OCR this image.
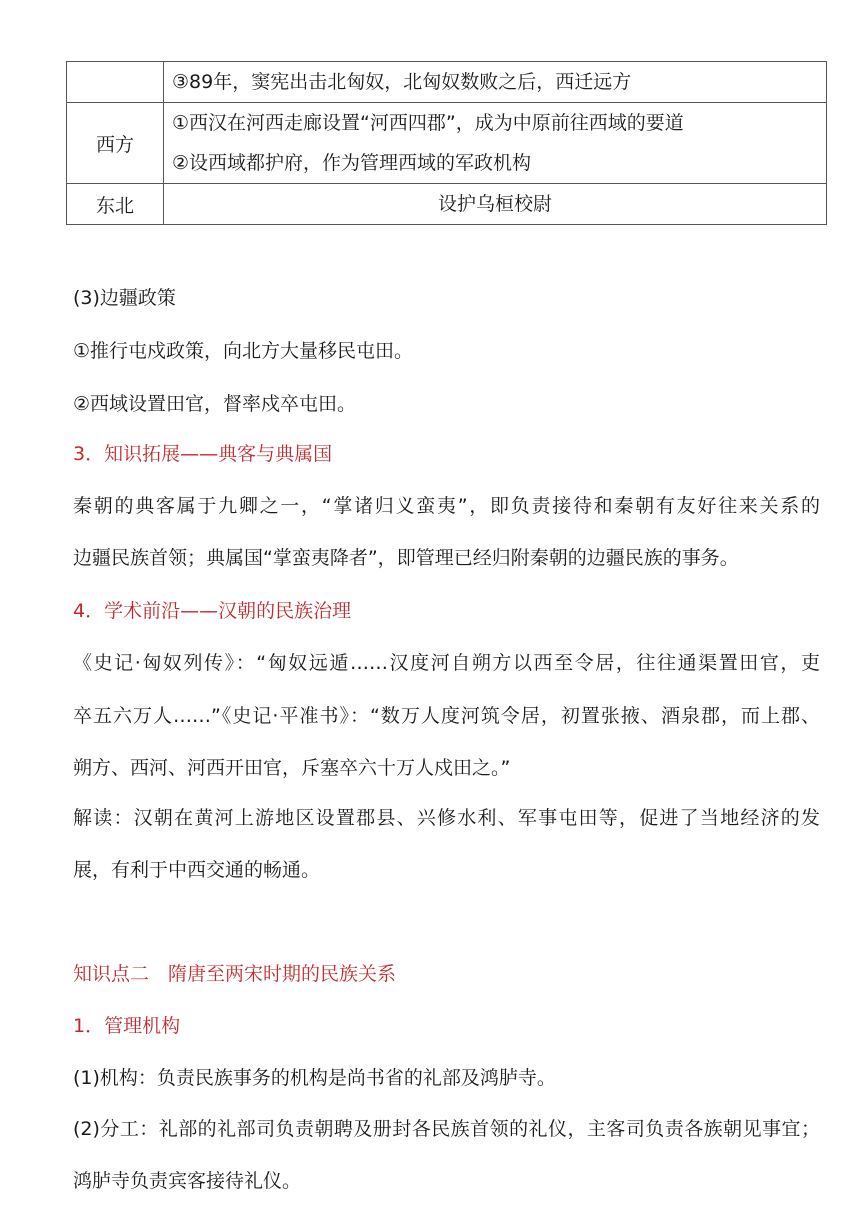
	③89年，窦宪出击北匈奴，北匈奴数败之后，西迁远方

西方	①西汉在河西走廊设置“河西四郡”，成为中原前往西域的要道
②设西域都护府，作为管理西域的军政机构

东北	设护乌桓校尉
(3)边疆政策
①推行屯戍政策，向北方大量移民屯田。
②西域设置田官，督率戍卒屯田。
3．知识拓展——典客与典属国
秦朝的典客属于九卿之一，“掌诸归义蛮夷”，即负责接待和秦朝有友好往来关系的
边疆民族首领；典属国“掌蛮夷降者”，即管理已经归附秦朝的边疆民族的事务。
4．学术前沿——汉朝的民族治理
《史记·匈奴列传》：“匈奴远遁……汉度河自朔方以西至令居，往往通渠置田官，吏
卒五六万人……”《史记·平准书》：“数万人度河筑令居，初置张掖、酒泉郡，而上郡、
朔方、西河、河西开田官，斥塞卒六十万人戍田之。”
解读：汉朝在黄河上游地区设置郡县、兴修水利、军事屯田等，促进了当地经济的发
展，有利于中西交通的畅通。
知识点二　隋唐至两宋时期的民族关系
1．管理机构
(1)机构：负责民族事务的机构是尚书省的礼部及鸿胪寺。
(2)分工：礼部的礼部司负责朝聘及册封各民族首领的礼仪，主客司负责各族朝见事宜；
鸿胪寺负责宾客接待礼仪。
